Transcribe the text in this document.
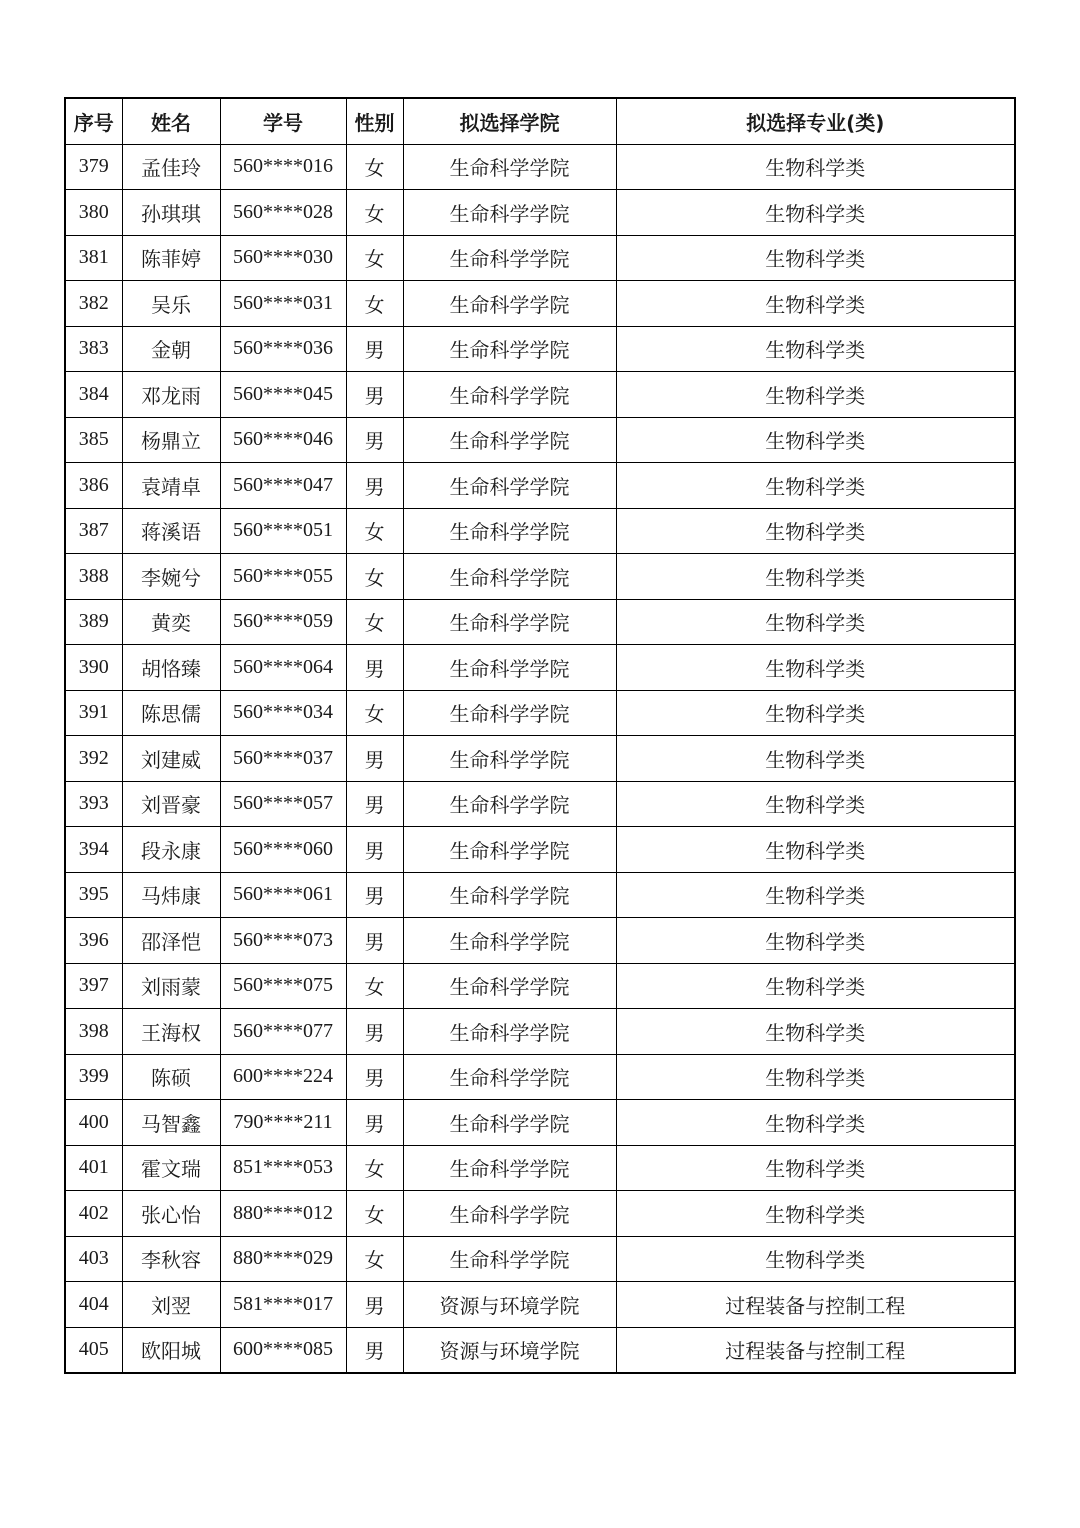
序号	姓名	学号	性别	拟选择学院	拟选择专业(类)
379	孟佳玲	560****016	女	生命科学学院	生物科学类
380	孙琪琪	560****028	女	生命科学学院	生物科学类
381	陈菲婷	560****030	女	生命科学学院	生物科学类
382	吴乐	560****031	女	生命科学学院	生物科学类
383	金朝	560****036	男	生命科学学院	生物科学类
384	邓龙雨	560****045	男	生命科学学院	生物科学类
385	杨鼎立	560****046	男	生命科学学院	生物科学类
386	袁靖卓	560****047	男	生命科学学院	生物科学类
387	蒋溪语	560****051	女	生命科学学院	生物科学类
388	李婉兮	560****055	女	生命科学学院	生物科学类
389	黄奕	560****059	女	生命科学学院	生物科学类
390	胡恪臻	560****064	男	生命科学学院	生物科学类
391	陈思儒	560****034	女	生命科学学院	生物科学类
392	刘建威	560****037	男	生命科学学院	生物科学类
393	刘晋豪	560****057	男	生命科学学院	生物科学类
394	段永康	560****060	男	生命科学学院	生物科学类
395	马炜康	560****061	男	生命科学学院	生物科学类
396	邵泽恺	560****073	男	生命科学学院	生物科学类
397	刘雨蒙	560****075	女	生命科学学院	生物科学类
398	王海权	560****077	男	生命科学学院	生物科学类
399	陈硕	600****224	男	生命科学学院	生物科学类
400	马智鑫	790****211	男	生命科学学院	生物科学类
401	霍文瑞	851****053	女	生命科学学院	生物科学类
402	张心怡	880****012	女	生命科学学院	生物科学类
403	李秋容	880****029	女	生命科学学院	生物科学类
404	刘翌	581****017	男	资源与环境学院	过程装备与控制工程
405	欧阳城	600****085	男	资源与环境学院	过程装备与控制工程
